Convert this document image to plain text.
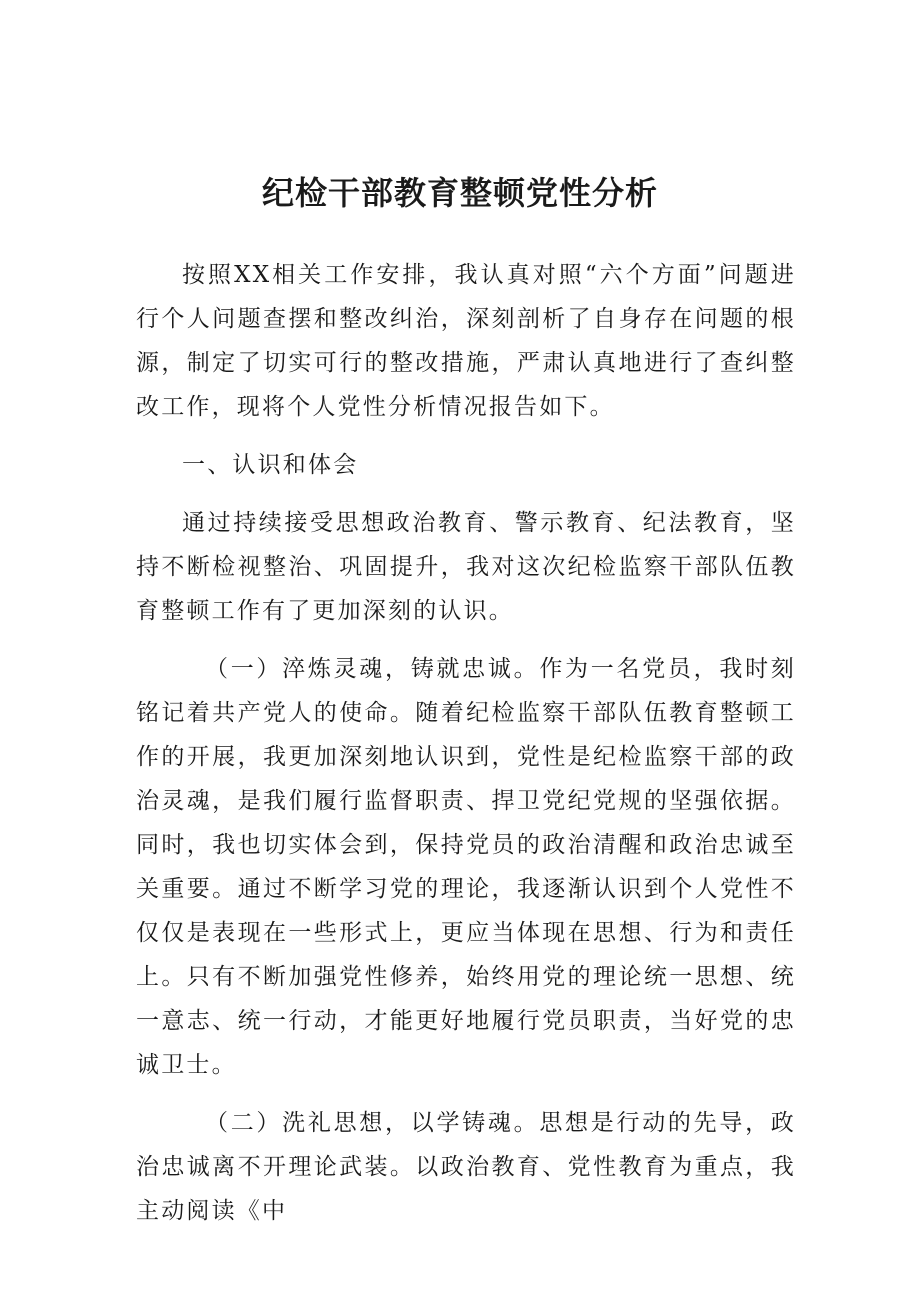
纪检干部教育整顿党性分析

按照XX相关工作安排，我认真对照“六个方面”问题进行个人问题查摆和整改纠治，深刻剖析了自身存在问题的根源，制定了切实可行的整改措施，严肃认真地进行了查纠整改工作，现将个人党性分析情况报告如下。

一、认识和体会

通过持续接受思想政治教育、警示教育、纪法教育，坚持不断检视整治、巩固提升，我对这次纪检监察干部队伍教育整顿工作有了更加深刻的认识。

（一）淬炼灵魂，铸就忠诚。作为一名党员，我时刻铭记着共产党人的使命。随着纪检监察干部队伍教育整顿工作的开展，我更加深刻地认识到，党性是纪检监察干部的政治灵魂，是我们履行监督职责、捍卫党纪党规的坚强依据。同时，我也切实体会到，保持党员的政治清醒和政治忠诚至关重要。通过不断学习党的理论，我逐渐认识到个人党性不仅仅是表现在一些形式上，更应当体现在思想、行为和责任上。只有不断加强党性修养，始终用党的理论统一思想、统一意志、统一行动，才能更好地履行党员职责，当好党的忠诚卫士。

（二）洗礼思想，以学铸魂。思想是行动的先导，政治忠诚离不开理论武装。以政治教育、党性教育为重点，我主动阅读《中
